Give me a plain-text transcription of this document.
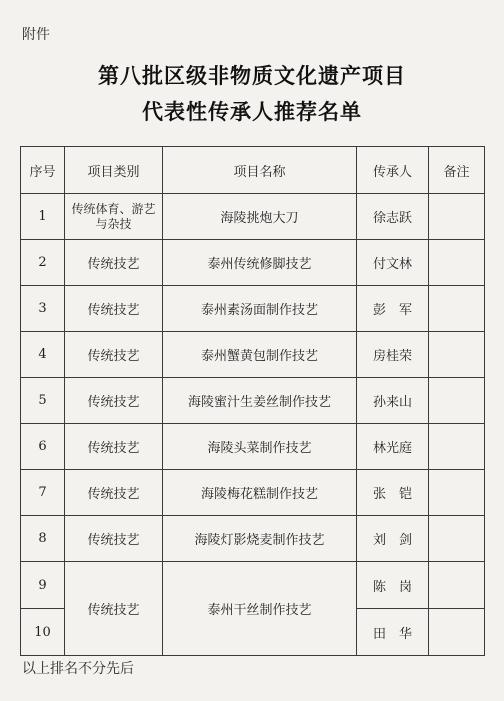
附件
第八批区级非物质文化遗产项目
代表性传承人推荐名单
序号	项目类别	项目名称	传承人	备注
1	传统体育、游艺与杂技	海陵挑炮大刀	徐志跃	
2	传统技艺	泰州传统修脚技艺	付文林	
3	传统技艺	泰州素汤面制作技艺	彭　军	
4	传统技艺	泰州蟹黄包制作技艺	房桂荣	
5	传统技艺	海陵蜜汁生姜丝制作技艺	孙来山	
6	传统技艺	海陵头菜制作技艺	林光庭	
7	传统技艺	海陵梅花糕制作技艺	张　铠	
8	传统技艺	海陵灯影烧麦制作技艺	刘　剑	
9	传统技艺	泰州干丝制作技艺	陈　岗	
10			田　华	
以上排名不分先后
